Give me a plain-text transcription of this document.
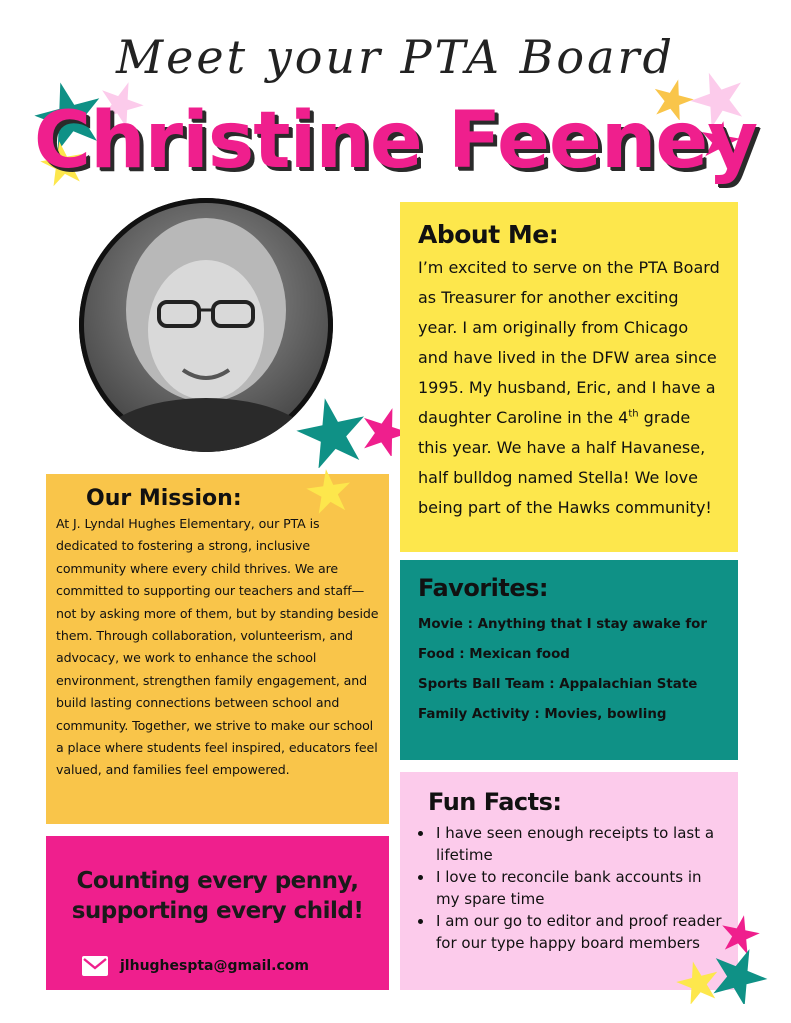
Meet your PTA Board
Christine Feeney
About Me:
I’m excited to serve on the PTA Board as Treasurer for another exciting year. I am originally from Chicago and have lived in the DFW area since 1995. My husband, Eric, and I have a daughter Caroline in the 4th grade this year. We have a half Havanese, half bulldog named Stella! We love being part of the Hawks community!
Our Mission:
At J. Lyndal Hughes Elementary, our PTA is dedicated to fostering a strong, inclusive community where every child thrives. We are committed to supporting our teachers and staff—not by asking more of them, but by standing beside them. Through collaboration, volunteerism, and advocacy, we work to enhance the school environment, strengthen family engagement, and build lasting connections between school and community. Together, we strive to make our school a place where students feel inspired, educators feel valued, and families feel empowered.
Favorites:
Movie : Anything that I stay awake for
Food : Mexican food
Sports Ball Team : Appalachian State
Family Activity : Movies, bowling
Fun Facts:
• I have seen enough receipts to last a lifetime
• I love to reconcile bank accounts in my spare time
• I am our go to editor and proof reader for our type happy board members
Counting every penny,
supporting every child!
jlhughespta@gmail.com
